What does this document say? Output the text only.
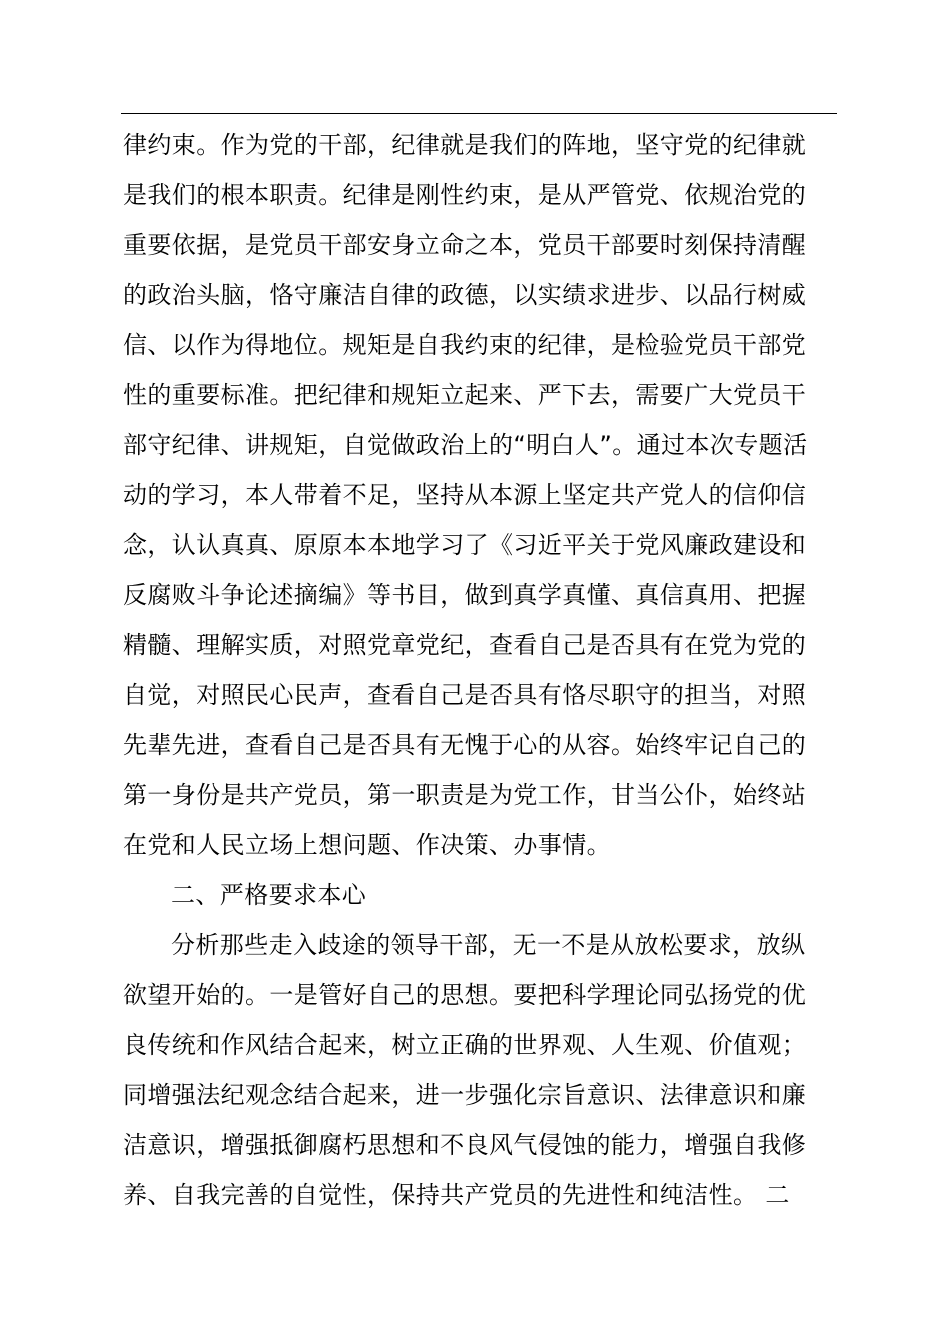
律约束。作为党的干部，纪律就是我们的阵地，坚守党的纪律就
是我们的根本职责。纪律是刚性约束，是从严管党、依规治党的
重要依据，是党员干部安身立命之本，党员干部要时刻保持清醒
的政治头脑，恪守廉洁自律的政德，以实绩求进步、以品行树威
信、以作为得地位。规矩是自我约束的纪律，是检验党员干部党
性的重要标准。把纪律和规矩立起来、严下去，需要广大党员干
部守纪律、讲规矩，自觉做政治上的“明白人”。通过本次专题活
动的学习，本人带着不足，坚持从本源上坚定共产党人的信仰信
念，认认真真、原原本本地学习了《习近平关于党风廉政建设和
反腐败斗争论述摘编》等书目，做到真学真懂、真信真用、把握
精髓、理解实质，对照党章党纪，查看自己是否具有在党为党的
自觉，对照民心民声，查看自己是否具有恪尽职守的担当，对照
先辈先进，查看自己是否具有无愧于心的从容。始终牢记自己的
第一身份是共产党员，第一职责是为党工作，甘当公仆，始终站
在党和人民立场上想问题、作决策、办事情。
二、严格要求本心
分析那些走入歧途的领导干部，无一不是从放松要求，放纵
欲望开始的。一是管好自己的思想。要把科学理论同弘扬党的优
良传统和作风结合起来，树立正确的世界观、人生观、价值观；
同增强法纪观念结合起来，进一步强化宗旨意识、法律意识和廉
洁意识，增强抵御腐朽思想和不良风气侵蚀的能力，增强自我修
养、自我完善的自觉性，保持共产党员的先进性和纯洁性。 二
